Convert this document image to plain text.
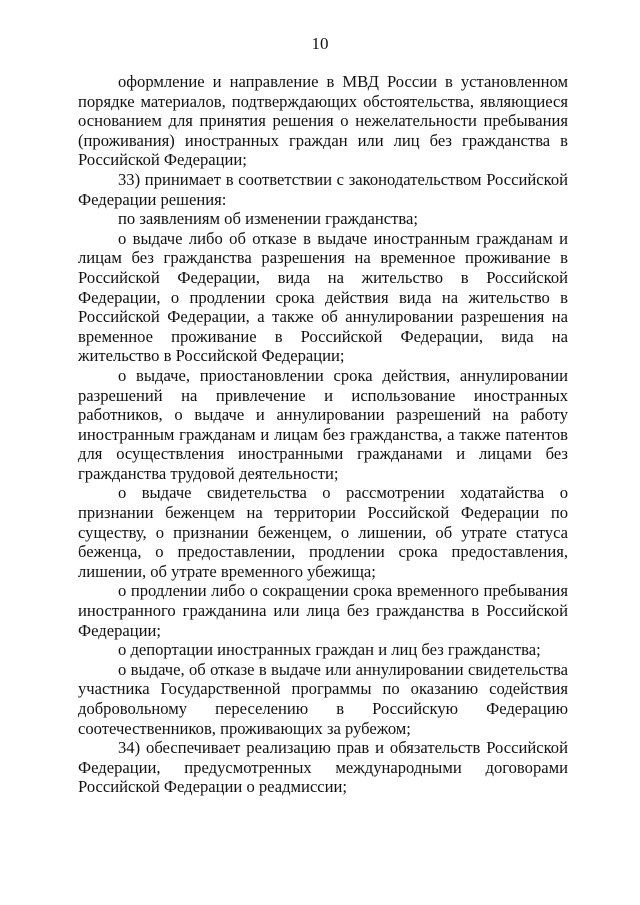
10

оформление и направление в МВД России в установленном порядке материалов, подтверждающих обстоятельства, являющиеся основанием для принятия решения о нежелательности пребывания (проживания) иностранных граждан или лиц без гражданства в Российской Федерации;

33) принимает в соответствии с законодательством Российской Федерации решения:

по заявлениям об изменении гражданства;

о выдаче либо об отказе в выдаче иностранным гражданам и лицам без гражданства разрешения на временное проживание в Российской Федерации, вида на жительство в Российской Федерации, о продлении срока действия вида на жительство в Российской Федерации, а также об аннулировании разрешения на временное проживание в Российской Федерации, вида на жительство в Российской Федерации;

о выдаче, приостановлении срока действия, аннулировании разрешений на привлечение и использование иностранных работников, о выдаче и аннулировании разрешений на работу иностранным гражданам и лицам без гражданства, а также патентов для осуществления иностранными гражданами и лицами без гражданства трудовой деятельности;

о выдаче свидетельства о рассмотрении ходатайства о признании беженцем на территории Российской Федерации по существу, о признании беженцем, о лишении, об утрате статуса беженца, о предоставлении, продлении срока предоставления, лишении, об утрате временного убежища;

о продлении либо о сокращении срока временного пребывания иностранного гражданина или лица без гражданства в Российской Федерации;

о депортации иностранных граждан и лиц без гражданства;

о выдаче, об отказе в выдаче или аннулировании свидетельства участника Государственной программы по оказанию содействия добровольному переселению в Российскую Федерацию соотечественников, проживающих за рубежом;

34) обеспечивает реализацию прав и обязательств Российской Федерации, предусмотренных международными договорами Российской Федерации о реадмиссии;
